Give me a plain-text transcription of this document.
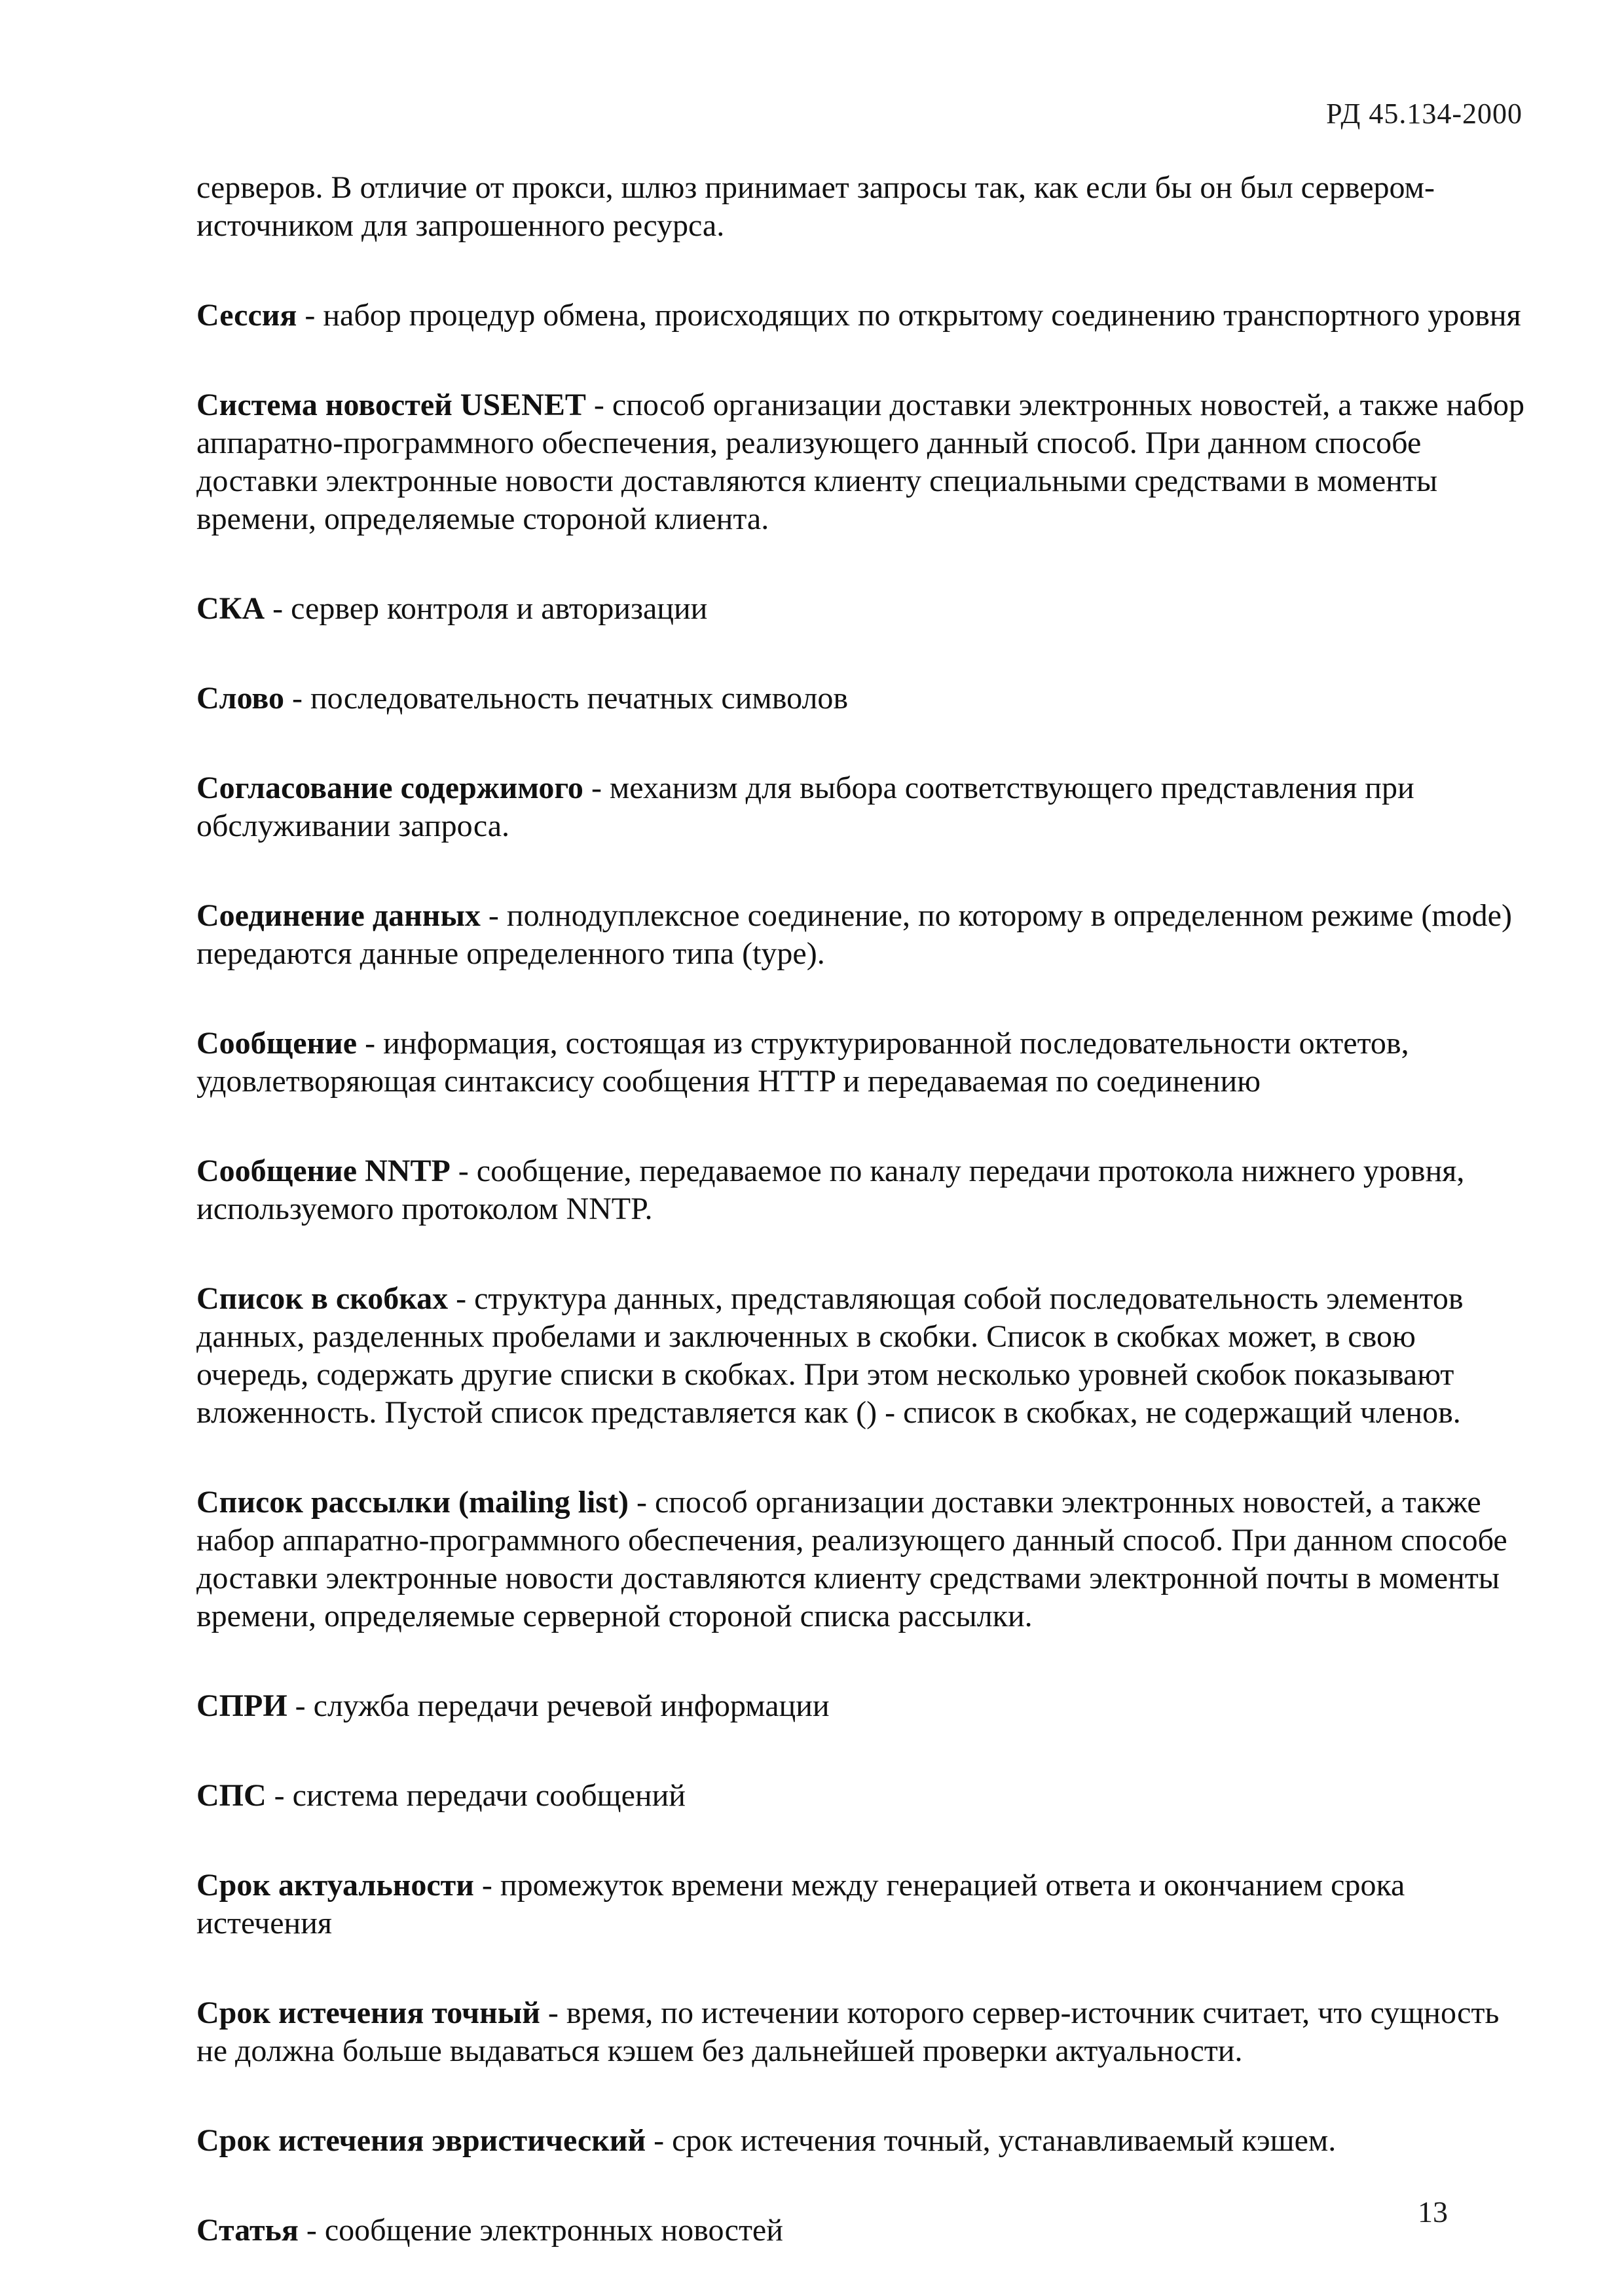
РД 45.134-2000

серверов. В отличие от прокси, шлюз принимает запросы так, как если бы он был сервером-источником для запрошенного ресурса.

Сессия - набор процедур обмена, происходящих по открытому соединению транспортного уровня

Система новостей USENET - способ организации доставки электронных новостей, а также набор аппаратно-программного обеспечения, реализующего данный способ. При данном способе доставки электронные новости доставляются клиенту специальными средствами в моменты времени, определяемые стороной клиента.

СКА - сервер контроля и авторизации

Слово - последовательность печатных символов

Согласование содержимого - механизм для выбора соответствующего представления при обслуживании запроса.

Соединение данных - полнодуплексное соединение, по которому в определенном режиме (mode) передаются данные определенного типа (type).

Сообщение - информация, состоящая из структурированной последовательности октетов, удовлетворяющая синтаксису сообщения HTTP и передаваемая по соединению

Сообщение NNTP - сообщение, передаваемое по каналу передачи протокола нижнего уровня, используемого протоколом NNTP.

Список в скобках - структура данных, представляющая собой последовательность элементов данных, разделенных пробелами и заключенных в скобки. Список в скобках может, в свою очередь, содержать другие списки в скобках. При этом несколько уровней скобок показывают вложенность. Пустой список представляется как () - список в скобках, не содержащий членов.

Список рассылки (mailing list) - способ организации доставки электронных новостей, а также набор аппаратно-программного обеспечения, реализующего данный способ. При данном способе доставки электронные новости доставляются клиенту средствами электронной почты в моменты времени, определяемые серверной стороной списка рассылки.

СПРИ - служба передачи речевой информации

СПС - система передачи сообщений

Срок актуальности - промежуток времени между генерацией ответа и окончанием срока истечения

Срок истечения точный - время, по истечении которого сервер-источник считает, что сущность не должна больше выдаваться кэшем без дальнейшей проверки актуальности.

Срок истечения эвристический - срок истечения точный, устанавливаемый кэшем.

Статья - сообщение электронных новостей

13
